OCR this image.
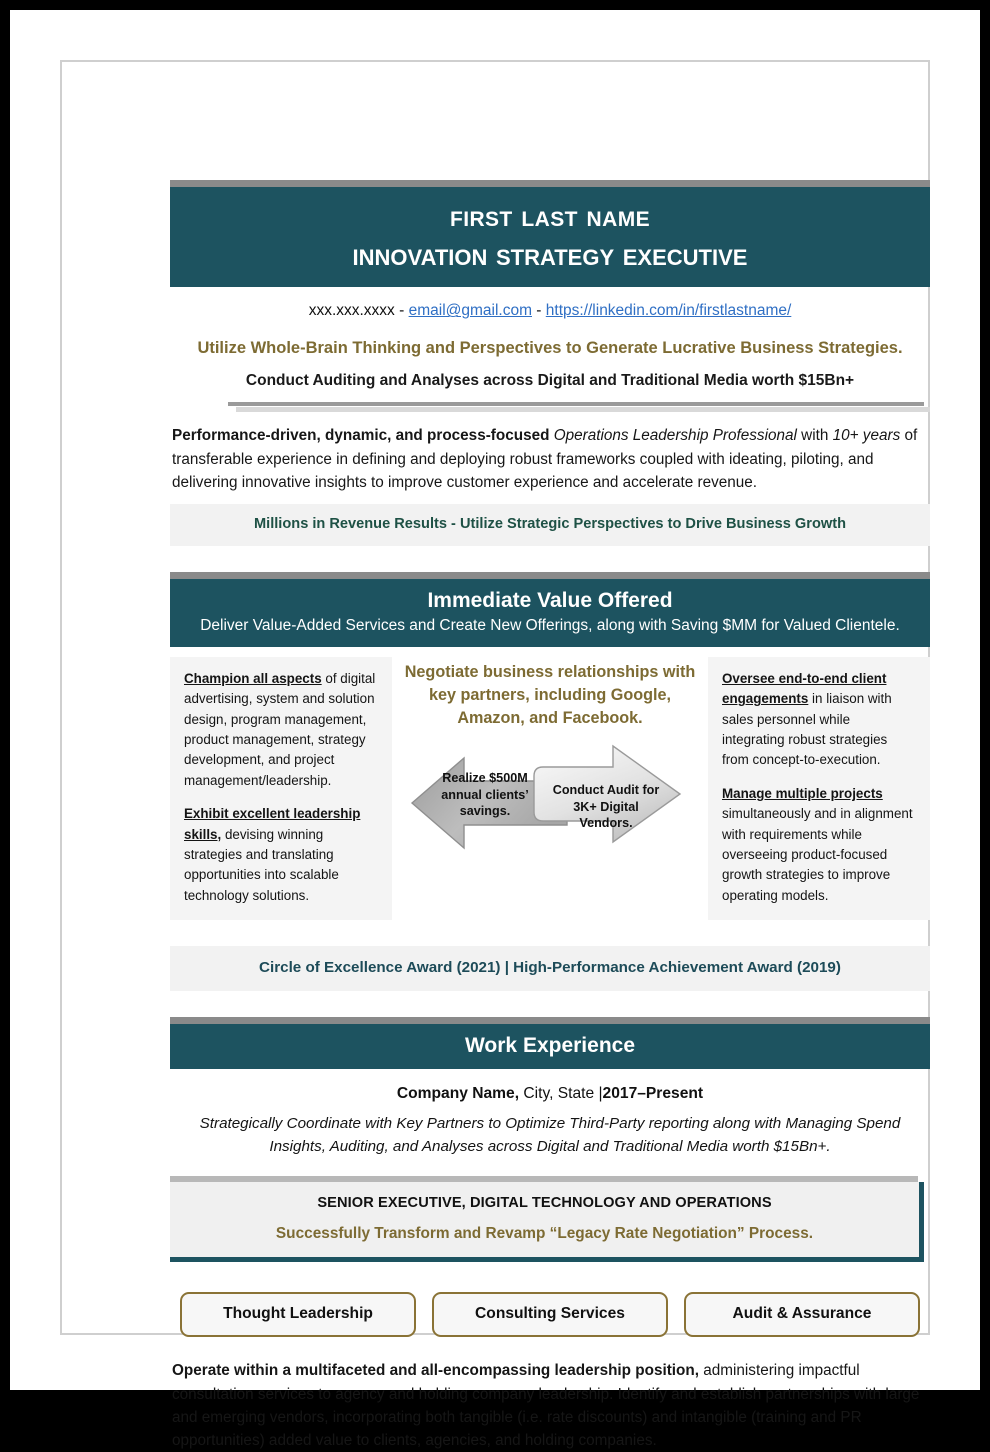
first last name
innovation strategy executive
xxx.xxx.xxxx - email@gmail.com - https://linkedin.com/in/firstlastname/
Utilize Whole-Brain Thinking and Perspectives to Generate Lucrative Business Strategies.
Conduct Auditing and Analyses across Digital and Traditional Media worth $15Bn+
Performance-driven, dynamic, and process-focused Operations Leadership Professional with 10+ years of transferable experience in defining and deploying robust frameworks coupled with ideating, piloting, and delivering innovative insights to improve customer experience and accelerate revenue.
Millions in Revenue Results - Utilize Strategic Perspectives to Drive Business Growth
Immediate Value Offered
Deliver Value-Added Services and Create New Offerings, along with Saving $MM for Valued Clientele.

Champion all aspects of digital advertising, system and solution design, program management, product management, strategy development, and project management/leadership.

Exhibit excellent leadership skills, devising winning strategies and translating opportunities into scalable technology solutions.

Negotiate business relationships with key partners, including Google, Amazon, and Facebook.
Realize $500M annual clients’ savings.
Conduct Audit for 3K+ Digital Vendors.

Oversee end-to-end client engagements in liaison with sales personnel while integrating robust strategies from concept-to-execution.

Manage multiple projects simultaneously and in alignment with requirements while overseeing product-focused growth strategies to improve operating models.

Circle of Excellence Award (2021) | High-Performance Achievement Award (2019)
Work Experience
Company Name, City, State |2017–Present
Strategically Coordinate with Key Partners to Optimize Third-Party reporting along with Managing Spend Insights, Auditing, and Analyses across Digital and Traditional Media worth $15Bn+.
SENIOR EXECUTIVE, DIGITAL TECHNOLOGY AND OPERATIONS
Successfully Transform and Revamp “Legacy Rate Negotiation” Process.
Thought Leadership	Consulting Services	Audit & Assurance
Operate within a multifaceted and all-encompassing leadership position, administering impactful consultation services to agency and holding company leadership. Identify and establish partnerships with large and emerging vendors, incorporating both tangible (i.e. rate discounts) and intangible (training and PR opportunities) added value to clients, agencies, and holding companies.
